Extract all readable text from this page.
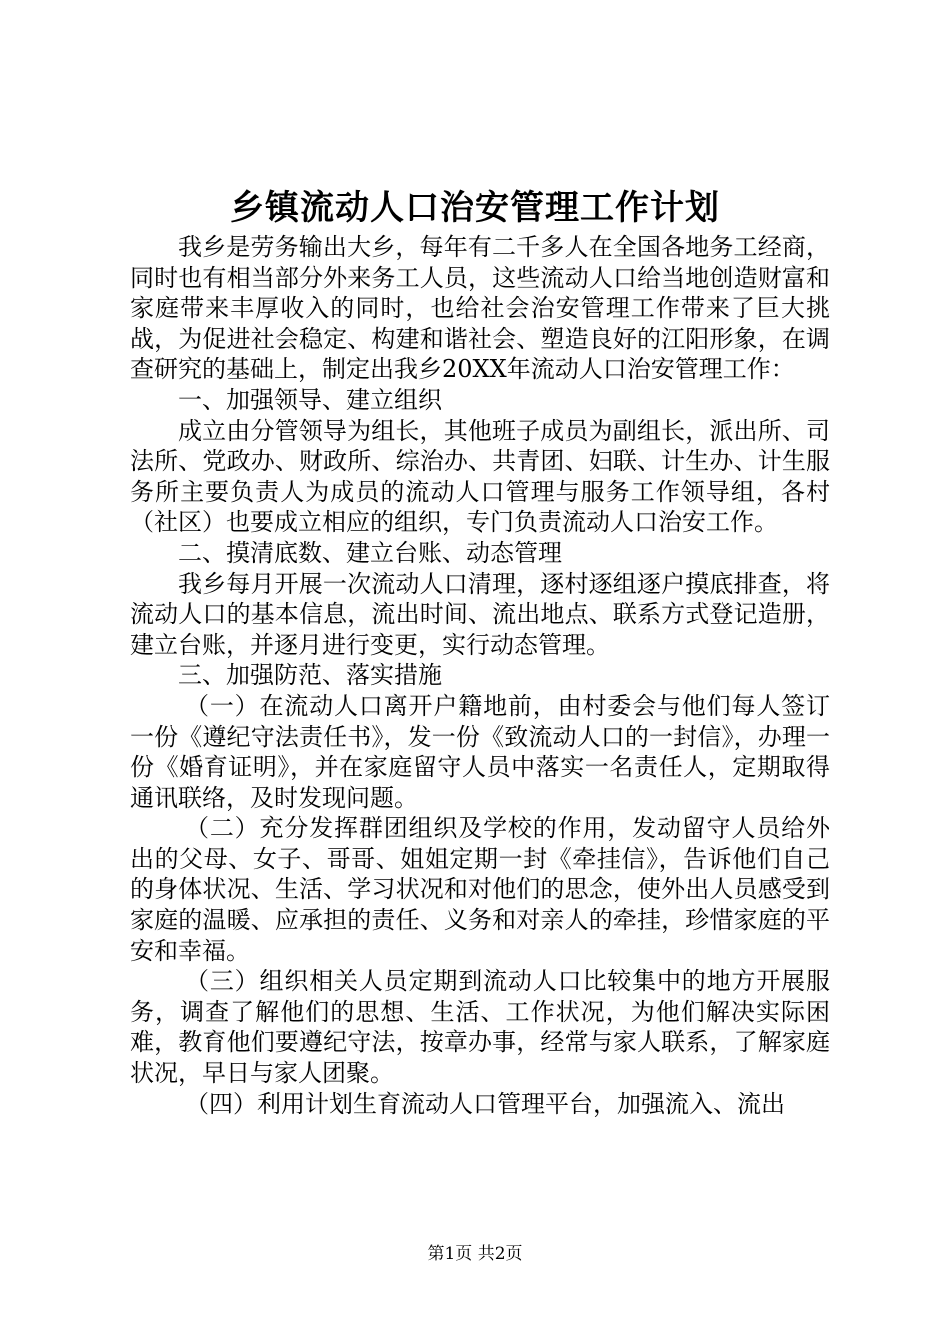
乡镇流动人口治安管理工作计划

我乡是劳务输出大乡，每年有二千多人在全国各地务工经商，同时也有相当部分外来务工人员，这些流动人口给当地创造财富和家庭带来丰厚收入的同时，也给社会治安管理工作带来了巨大挑战，为促进社会稳定、构建和谐社会、塑造良好的江阳形象，在调查研究的基础上，制定出我乡20XX年流动人口治安管理工作：

一、加强领导、建立组织

成立由分管领导为组长，其他班子成员为副组长，派出所、司法所、党政办、财政所、综治办、共青团、妇联、计生办、计生服务所主要负责人为成员的流动人口管理与服务工作领导组，各村（社区）也要成立相应的组织，专门负责流动人口治安工作。

二、摸清底数、建立台账、动态管理

我乡每月开展一次流动人口清理，逐村逐组逐户摸底排查，将流动人口的基本信息，流出时间、流出地点、联系方式登记造册，建立台账，并逐月进行变更，实行动态管理。

三、加强防范、落实措施

（一）在流动人口离开户籍地前，由村委会与他们每人签订一份《遵纪守法责任书》，发一份《致流动人口的一封信》，办理一份《婚育证明》，并在家庭留守人员中落实一名责任人，定期取得通讯联络，及时发现问题。

（二）充分发挥群团组织及学校的作用，发动留守人员给外出的父母、女子、哥哥、姐姐定期一封《牵挂信》，告诉他们自己的身体状况、生活、学习状况和对他们的思念，使外出人员感受到家庭的温暖、应承担的责任、义务和对亲人的牵挂，珍惜家庭的平安和幸福。

（三）组织相关人员定期到流动人口比较集中的地方开展服务，调查了解他们的思想、生活、工作状况，为他们解决实际困难，教育他们要遵纪守法，按章办事，经常与家人联系，了解家庭状况，早日与家人团聚。

（四）利用计划生育流动人口管理平台，加强流入、流出

第1页 共2页
